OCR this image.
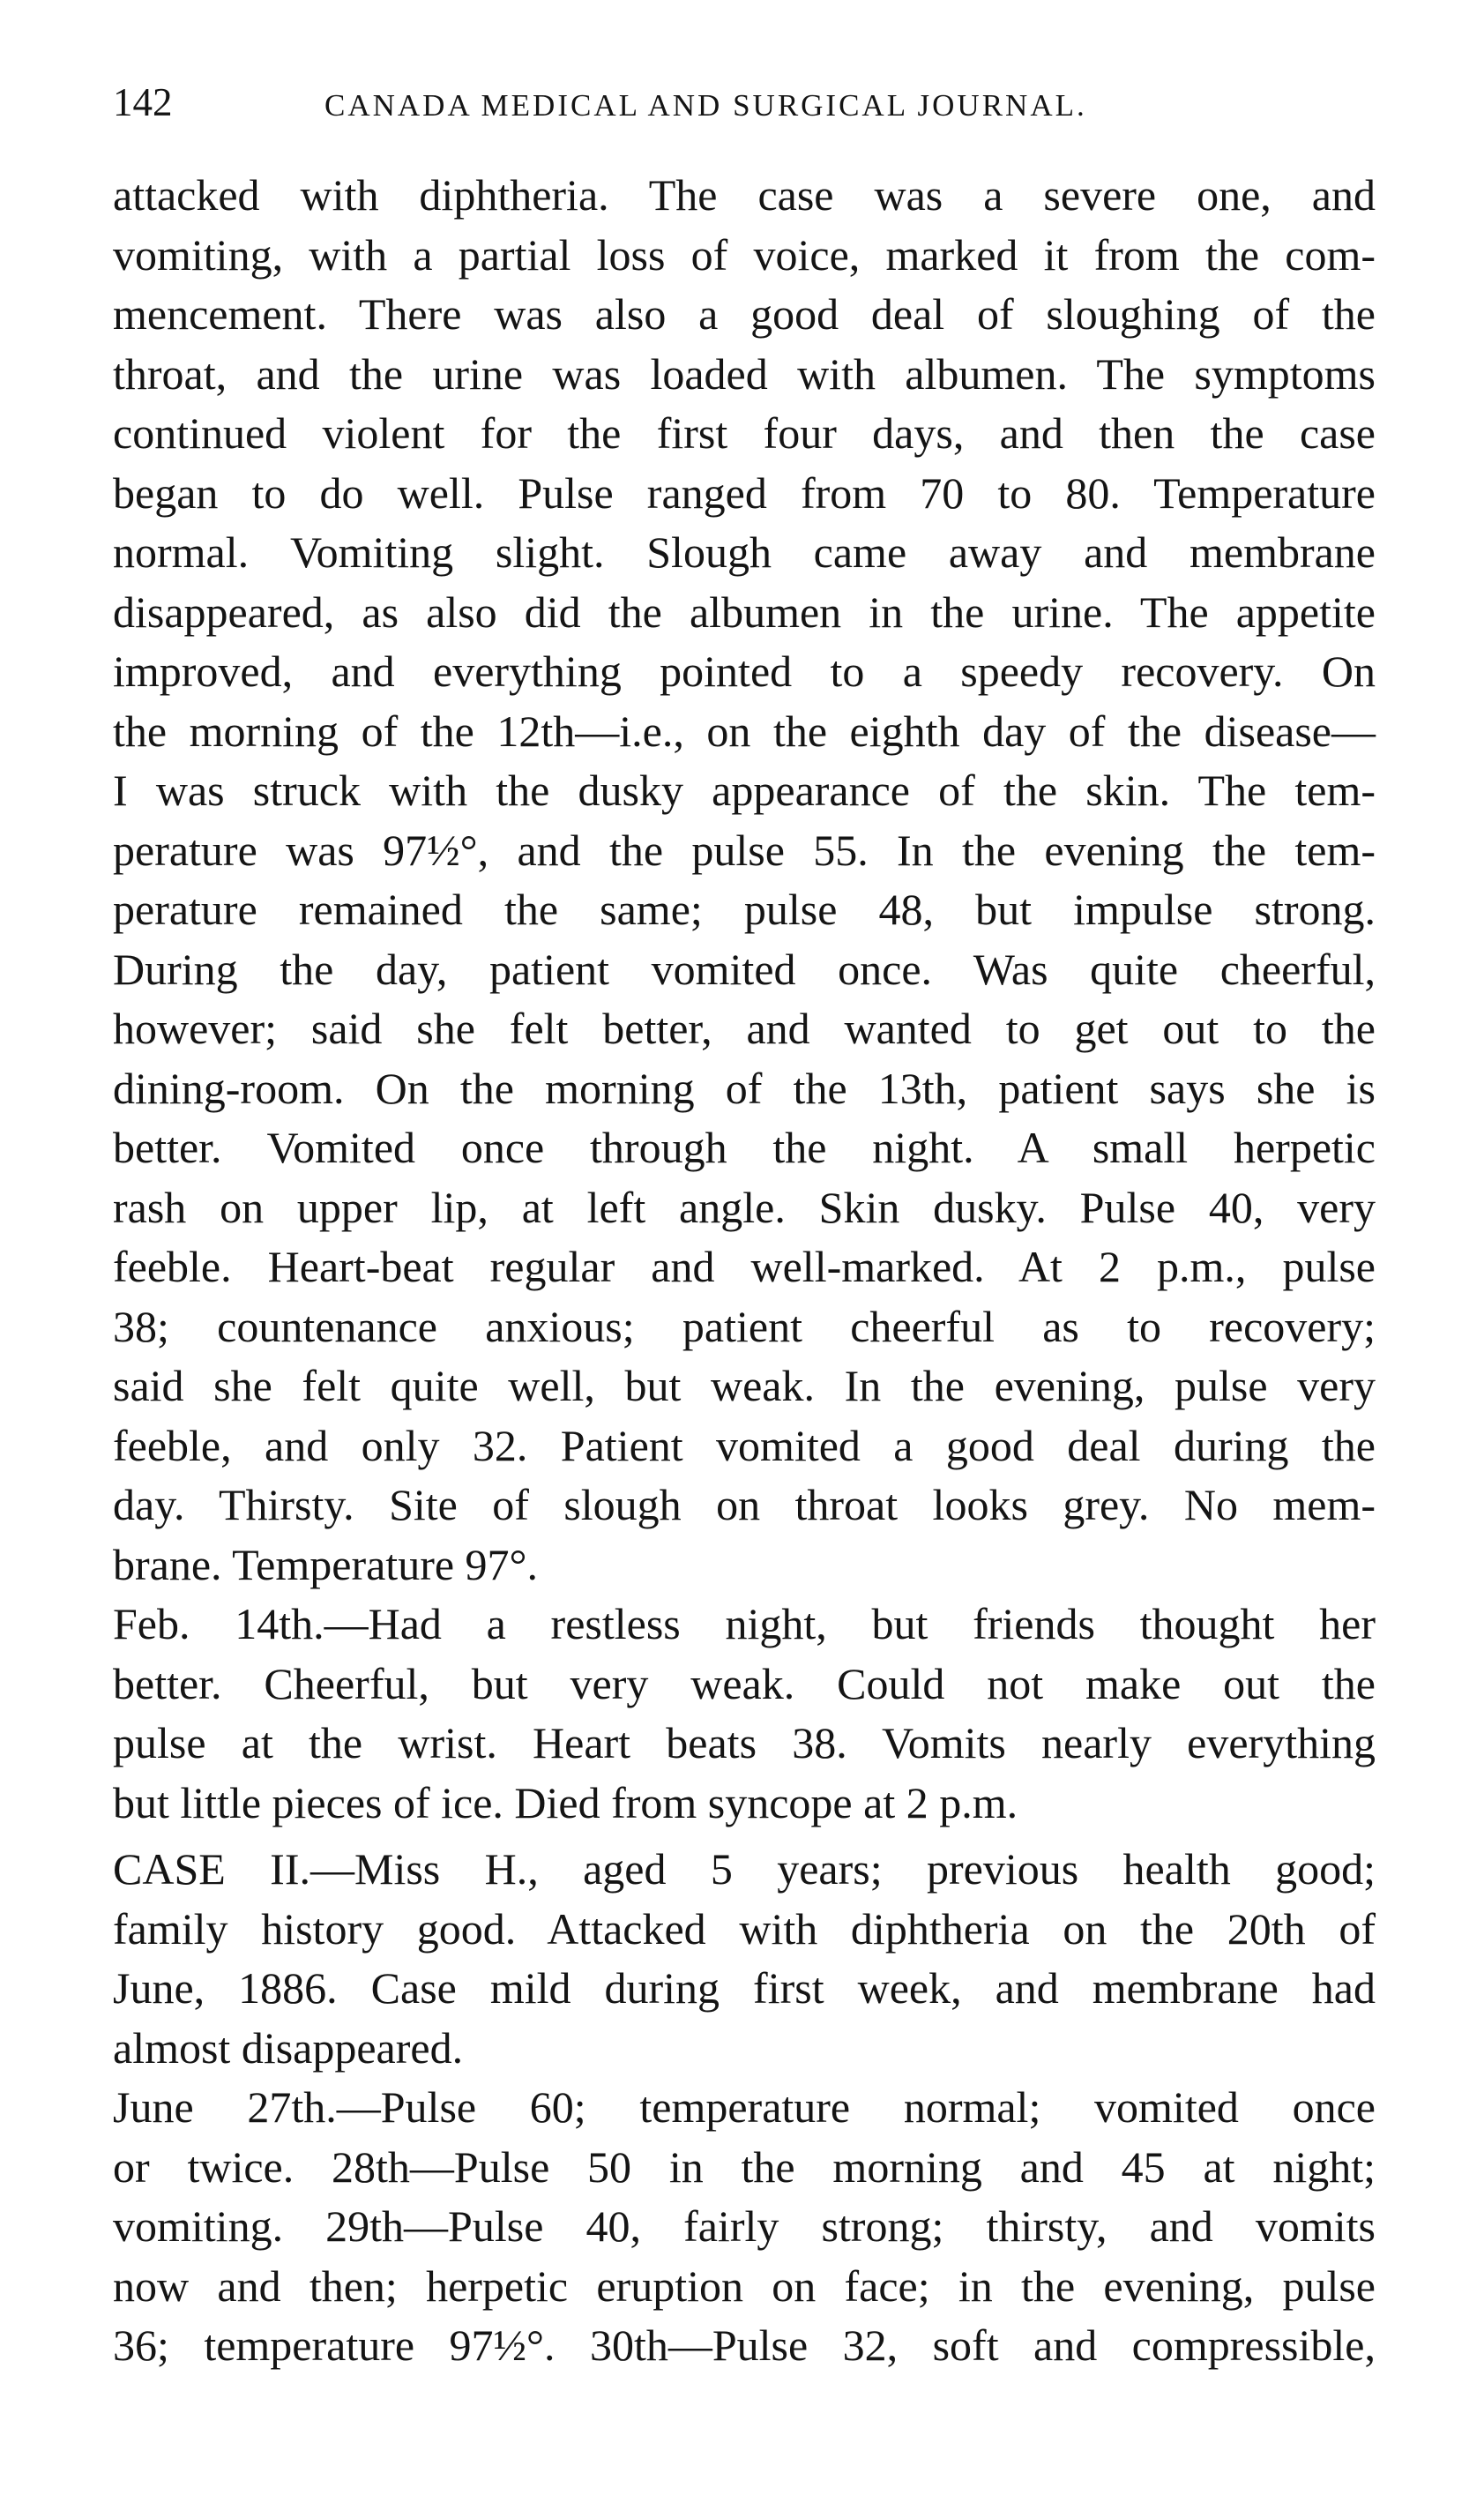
142	CANADA MEDICAL AND SURGICAL JOURNAL.
attacked with diphtheria. The case was a severe one, and
vomiting, with a partial loss of voice, marked it from the com-
mencement. There was also a good deal of sloughing of the
throat, and the urine was loaded with albumen. The symptoms
continued violent for the first four days, and then the case
began to do well. Pulse ranged from 70 to 80. Temperature
normal. Vomiting slight. Slough came away and membrane
disappeared, as also did the albumen in the urine. The appetite
improved, and everything pointed to a speedy recovery. On
the morning of the 12th—i.e., on the eighth day of the disease—
I was struck with the dusky appearance of the skin. The tem-
perature was 97½°, and the pulse 55. In the evening the tem-
perature remained the same; pulse 48, but impulse strong.
During the day, patient vomited once. Was quite cheerful,
however; said she felt better, and wanted to get out to the
dining-room. On the morning of the 13th, patient says she is
better. Vomited once through the night. A small herpetic
rash on upper lip, at left angle. Skin dusky. Pulse 40, very
feeble. Heart-beat regular and well-marked. At 2 p.m., pulse
38; countenance anxious; patient cheerful as to recovery;
said she felt quite well, but weak. In the evening, pulse very
feeble, and only 32. Patient vomited a good deal during the
day. Thirsty. Site of slough on throat looks grey. No mem-
brane. Temperature 97°.
Feb. 14th.—Had a restless night, but friends thought her
better. Cheerful, but very weak. Could not make out the
pulse at the wrist. Heart beats 38. Vomits nearly everything
but little pieces of ice. Died from syncope at 2 p.m.
CASE II.—Miss H., aged 5 years; previous health good;
family history good. Attacked with diphtheria on the 20th of
June, 1886. Case mild during first week, and membrane had
almost disappeared.
June 27th.—Pulse 60; temperature normal; vomited once
or twice. 28th—Pulse 50 in the morning and 45 at night;
vomiting. 29th—Pulse 40, fairly strong; thirsty, and vomits
now and then; herpetic eruption on face; in the evening, pulse
36; temperature 97½°. 30th—Pulse 32, soft and compressible,
